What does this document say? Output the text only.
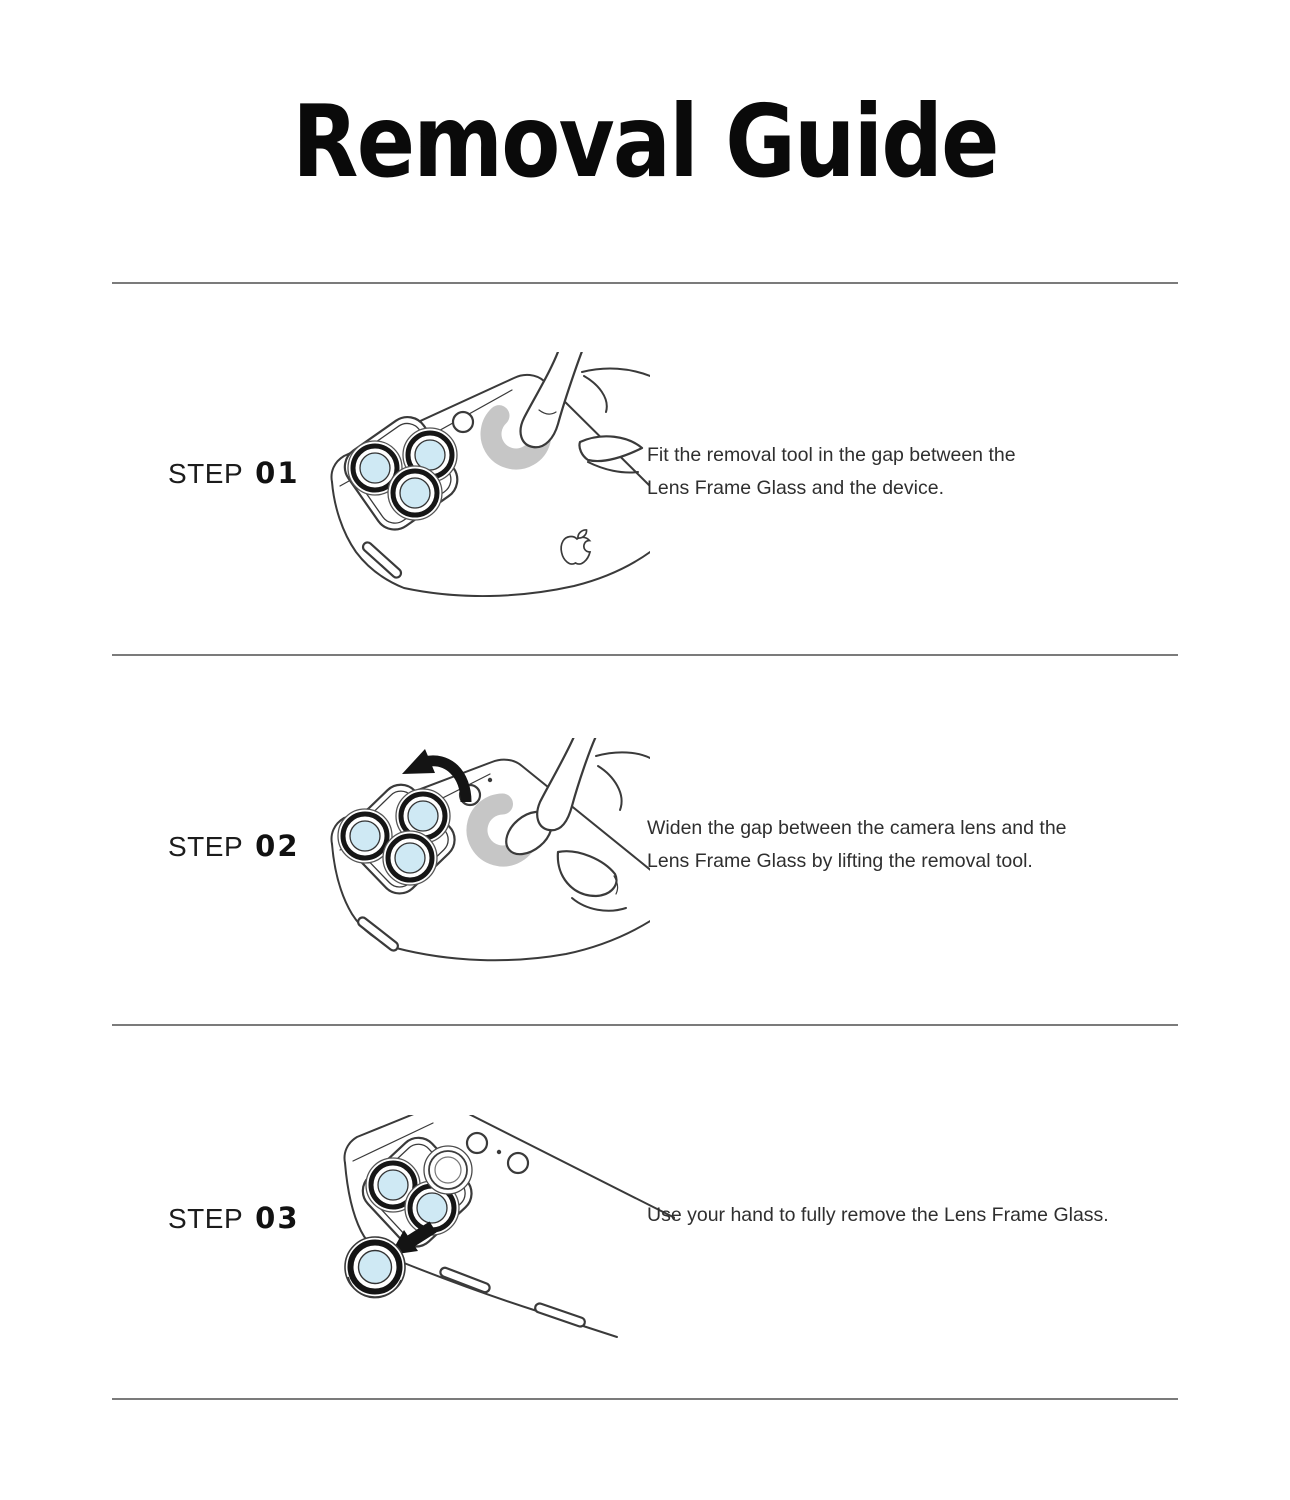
Removal Guide
STEP 01

Fit the removal tool in the gap between the
Lens Frame Glass and the device.

STEP 02

Widen the gap between the camera lens and the
Lens Frame Glass by lifting the removal tool.

STEP 03	Use your hand to fully remove the Lens Frame Glass.
